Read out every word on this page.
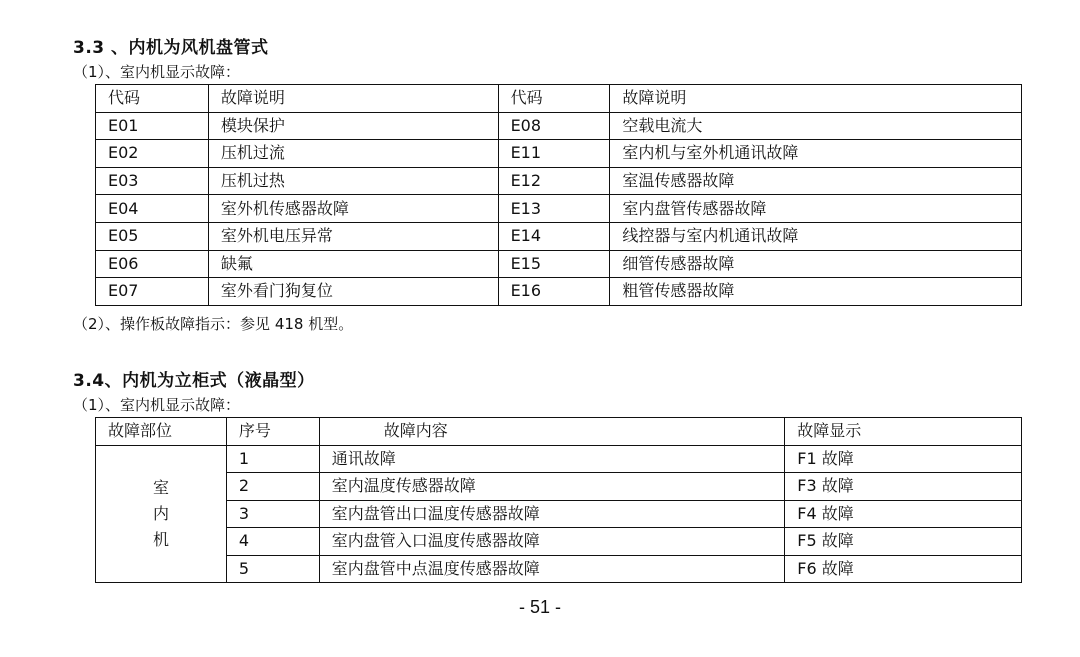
3.3 、内机为风机盘管式
（1）、室内机显示故障：
代码	故障说明	代码	故障说明
E01	模块保护	E08	空载电流大
E02	压机过流	E11	室内机与室外机通讯故障
E03	压机过热	E12	室温传感器故障
E04	室外机传感器故障	E13	室内盘管传感器故障
E05	室外机电压异常	E14	线控器与室内机通讯故障
E06	缺氟	E15	细管传感器故障
E07	室外看门狗复位	E16	粗管传感器故障
（2）、操作板故障指示：参见 418 机型。
3.4、内机为立柜式（液晶型）
（1）、室内机显示故障：
故障部位	序号	故障内容	故障显示

室
内
机	1	通讯故障	F1 故障
	2	室内温度传感器故障	F3 故障
	3	室内盘管出口温度传感器故障	F4 故障
	4	室内盘管入口温度传感器故障	F5 故障
	5	室内盘管中点温度传感器故障	F6 故障
- 51 -
